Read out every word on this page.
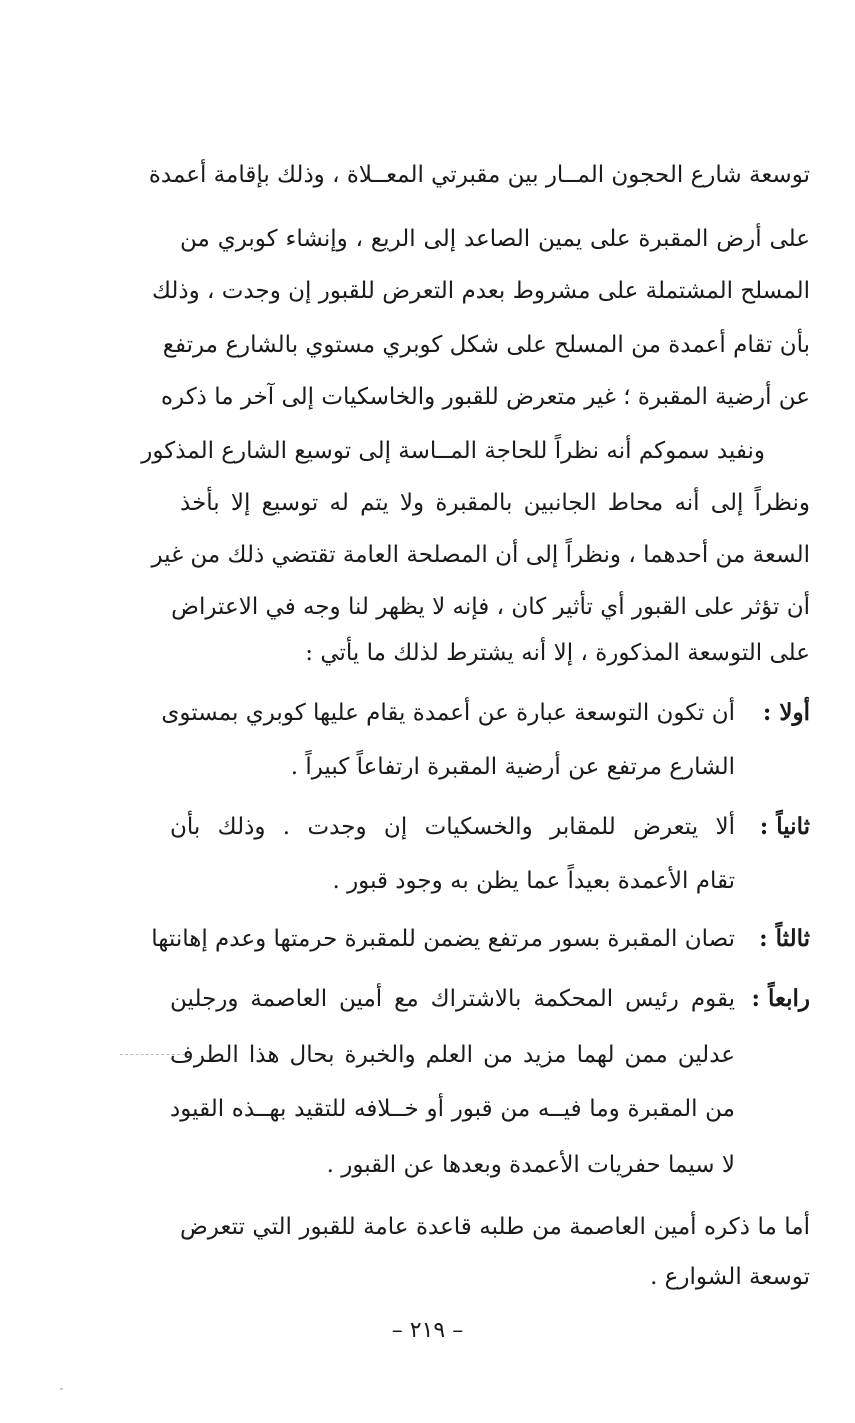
توسعة شارع الحجون المــار بين مقبرتي المعــلاة ، وذلك بإقامة أعمدة
على أرض المقبرة على يمين الصاعد إلى الريع ، وإنشاء كوبري من
المسلح المشتملة على مشروط بعدم التعرض للقبور إن وجدت ، وذلك
بأن تقام أعمدة من المسلح على شكل كوبري مستوي بالشارع مرتفع
عن أرضية المقبرة ؛ غير متعرض للقبور والخاسكيات إلى آخر ما ذكره
ونفيد سموكم أنه نظراً للحاجة المــاسة إلى توسيع الشارع المذكور
ونظراً إلى أنه محاط الجانبين بالمقبرة ولا يتم له توسيع إلا بأخذ
السعة من أحدهما ، ونظراً إلى أن المصلحة العامة تقتضي ذلك من غير
أن تؤثر على القبور أي تأثير كان ، فإنه لا يظهر لنا وجه في الاعتراض
على التوسعة المذكورة ، إلا أنه يشترط لذلك ما يأتي :
أولا :
أن تكون التوسعة عبارة عن أعمدة يقام عليها كوبري بمستوى
الشارع مرتفع عن أرضية المقبرة ارتفاعاً كبيراً .
ثانياً :
ألا يتعرض للمقابر والخسكيات إن وجدت . وذلك بأن
تقام الأعمدة بعيداً عما يظن به وجود قبور .
ثالثاً :
تصان المقبرة بسور مرتفع يضمن للمقبرة حرمتها وعدم إهانتها
رابعاً :
يقوم رئيس المحكمة بالاشتراك مع أمين العاصمة ورجلين
عدلين ممن لهما مزيد من العلم والخبرة بحال هذا الطرف
من المقبرة وما فيــه من قبور أو خــلافه للتقيد بهــذه القيود
لا سيما حفريات الأعمدة وبعدها عن القبور .
أما ما ذكره أمين العاصمة من طلبه قاعدة عامة للقبور التي تتعرض
توسعة الشوارع .
– ٢١٩ –
